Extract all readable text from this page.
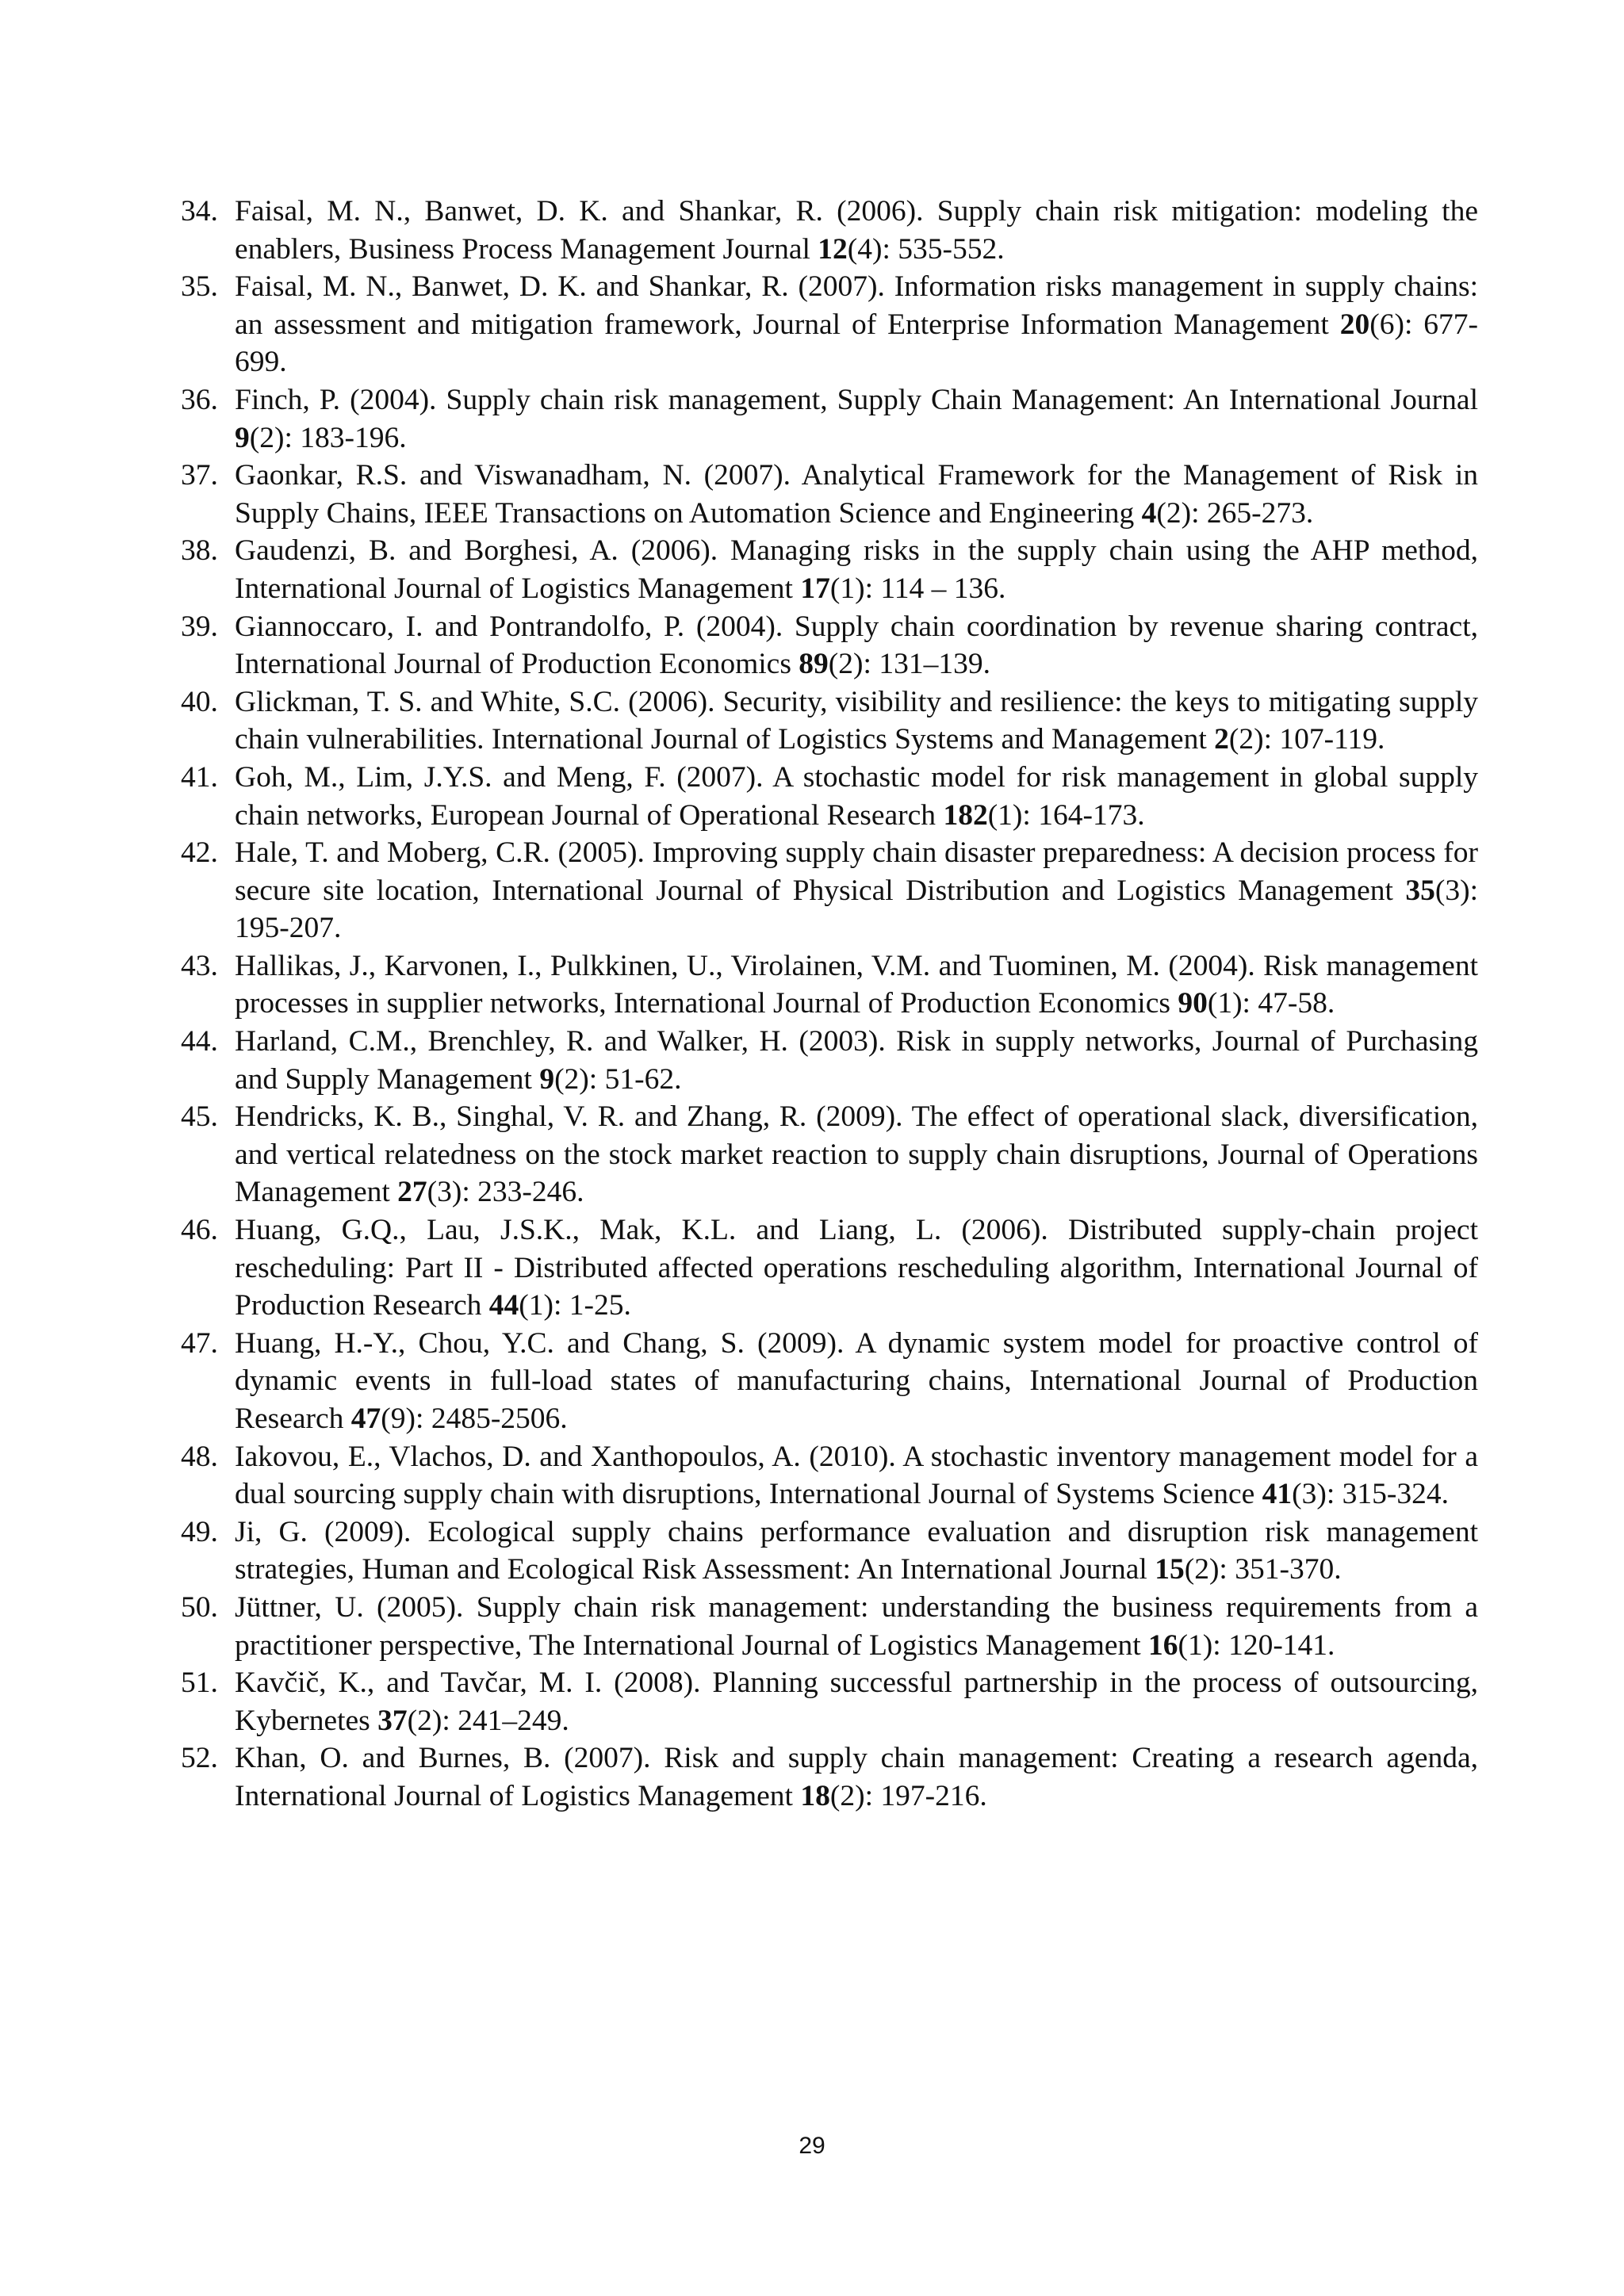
34. Faisal, M. N., Banwet, D. K. and Shankar, R. (2006). Supply chain risk mitigation: modeling the enablers, Business Process Management Journal 12(4): 535-552.
35. Faisal, M. N., Banwet, D. K. and Shankar, R. (2007). Information risks management in supply chains: an assessment and mitigation framework, Journal of Enterprise Information Management 20(6): 677-699.
36. Finch, P. (2004). Supply chain risk management, Supply Chain Management: An International Journal 9(2): 183-196.
37. Gaonkar, R.S. and Viswanadham, N. (2007). Analytical Framework for the Management of Risk in Supply Chains, IEEE Transactions on Automation Science and Engineering 4(2): 265-273.
38. Gaudenzi, B. and Borghesi, A. (2006). Managing risks in the supply chain using the AHP method, International Journal of Logistics Management 17(1): 114 – 136.
39. Giannoccaro, I. and Pontrandolfo, P. (2004). Supply chain coordination by revenue sharing contract, International Journal of Production Economics 89(2): 131–139.
40. Glickman, T. S. and White, S.C. (2006). Security, visibility and resilience: the keys to mitigating supply chain vulnerabilities. International Journal of Logistics Systems and Management 2(2): 107-119.
41. Goh, M., Lim, J.Y.S. and Meng, F. (2007). A stochastic model for risk management in global supply chain networks, European Journal of Operational Research 182(1): 164-173.
42. Hale, T. and Moberg, C.R. (2005). Improving supply chain disaster preparedness: A decision process for secure site location, International Journal of Physical Distribution and Logistics Management 35(3): 195-207.
43. Hallikas, J., Karvonen, I., Pulkkinen, U., Virolainen, V.M. and Tuominen, M. (2004). Risk management processes in supplier networks, International Journal of Production Economics 90(1): 47-58.
44. Harland, C.M., Brenchley, R. and Walker, H. (2003). Risk in supply networks, Journal of Purchasing and Supply Management 9(2): 51-62.
45. Hendricks, K. B., Singhal, V. R. and Zhang, R. (2009). The effect of operational slack, diversification, and vertical relatedness on the stock market reaction to supply chain disruptions, Journal of Operations Management 27(3): 233-246.
46. Huang, G.Q., Lau, J.S.K., Mak, K.L. and Liang, L. (2006). Distributed supply-chain project rescheduling: Part II - Distributed affected operations rescheduling algorithm, International Journal of Production Research 44(1): 1-25.
47. Huang, H.-Y., Chou, Y.C. and Chang, S. (2009). A dynamic system model for proactive control of dynamic events in full-load states of manufacturing chains, International Journal of Production Research 47(9): 2485-2506.
48. Iakovou, E., Vlachos, D. and Xanthopoulos, A. (2010). A stochastic inventory management model for a dual sourcing supply chain with disruptions, International Journal of Systems Science 41(3): 315-324.
49. Ji, G. (2009). Ecological supply chains performance evaluation and disruption risk management strategies, Human and Ecological Risk Assessment: An International Journal 15(2): 351-370.
50. Jüttner, U. (2005). Supply chain risk management: understanding the business requirements from a practitioner perspective, The International Journal of Logistics Management 16(1): 120-141.
51. Kavčič, K., and Tavčar, M. I. (2008). Planning successful partnership in the process of outsourcing, Kybernetes 37(2): 241–249.
52. Khan, O. and Burnes, B. (2007). Risk and supply chain management: Creating a research agenda, International Journal of Logistics Management 18(2): 197-216.
29
